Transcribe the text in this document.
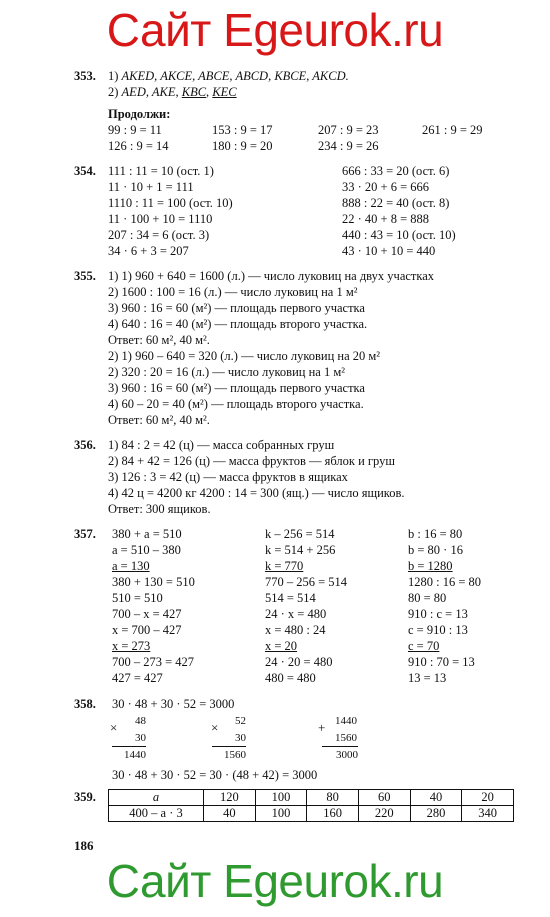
Сайт Egeurok.ru
353. 1) AKED, AKCE, ABCE, ABCD, KBCE, AKCD.
2) AED, AKE, KBC, KEC
Продолжи:
99 : 9 = 11	153 : 9 = 17	207 : 9 = 23	261 : 9 = 29
126 : 9 = 14	180 : 9 = 20	234 : 9 = 26
354. 111 : 11 = 10 (ост. 1)
11 · 10 + 1 = 111
1110 : 11 = 100 (ост. 10)
11 · 100 + 10 = 1110
207 : 34 = 6 (ост. 3)
34 · 6 + 3 = 207
666 : 33 = 20 (ост. 6)
33 · 20 + 6 = 666
888 : 22 = 40 (ост. 8)
22 · 40 + 8 = 888
440 : 43 = 10 (ост. 10)
43 · 10 + 10 = 440
355. 1) 1) 960 + 640 = 1600 (л.) — число луковиц на двух участках
2) 1600 : 100 = 16 (л.) — число луковиц на 1 м²
3) 960 : 16 = 60 (м²) — площадь первого участка
4) 640 : 16 = 40 (м²) — площадь второго участка.
Ответ: 60 м², 40 м².
2) 1) 960 – 640 = 320 (л.) — число луковиц на 20 м²
2) 320 : 20 = 16 (л.) — число луковиц на 1 м²
3) 960 : 16 = 60 (м²) — площадь первого участка
4) 60 – 20 = 40 (м²) — площадь второго участка.
Ответ: 60 м², 40 м².
356. 1) 84 : 2 = 42 (ц) — масса собранных груш
2) 84 + 42 = 126 (ц) — масса фруктов — яблок и груш
3) 126 : 3 = 42 (ц) — масса фруктов в ящиках
4) 42 ц = 4200 кг 4200 : 14 = 300 (ящ.) — число ящиков.
Ответ: 300 ящиков.
357. 380 + a = 510
a = 510 – 380
a = 130
380 + 130 = 510
510 = 510
700 – x = 427
x = 700 – 427
x = 273
700 – 273 = 427
427 = 427
k – 256 = 514
k = 514 + 256
k = 770
770 – 256 = 514
514 = 514
24 · x = 480
x = 480 : 24
x = 20
24 · 20 = 480
480 = 480
b : 16 = 80
b = 80 · 16
b = 1280
1280 : 16 = 80
80 = 80
910 : c = 13
c = 910 : 13
c = 70
910 : 70 = 13
13 = 13
358. 30 · 48 + 30 · 52 = 3000
×	48
30
1440
×	52
30
1560
+ 1440
1560
3000
30 · 48 + 30 · 52 = 30 · (48 + 42) = 3000
359.	a	120	100	80	60	40	20
400 – a · 3	40	100	160	220	280	340
186
Сайт Egeurok.ru
